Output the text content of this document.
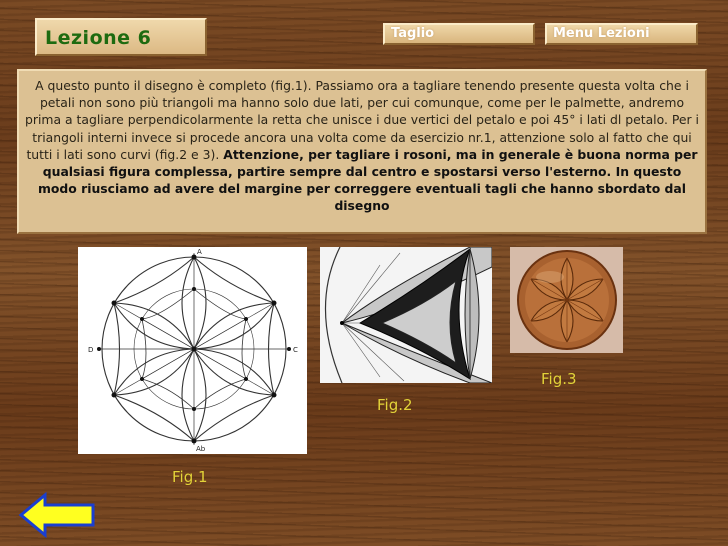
Lezione 6	Taglio	Menu Lezioni
A questo punto il disegno è completo (fig.1). Passiamo ora a tagliare tenendo presente questa volta che i petali non sono più triangoli ma hanno solo due lati, per cui comunque, come per le palmette, andremo prima a tagliare perpendicolarmente la retta che unisce i due vertici del petalo e poi 45° i lati dl petalo. Per i triangoli interni invece si procede ancora una volta come da esercizio nr.1, attenzione solo al fatto che qui tutti i lati sono curvi (fig.2 e 3). Attenzione, per tagliare i rosoni, ma in generale è buona norma per qualsiasi figura complessa, partire sempre dal centro e spostarsi verso l'esterno. In questo modo riusciamo ad avere del margine per correggere eventuali tagli che hanno sbordato dal disegno
A
D	C
Ab
Fig.1
Fig.2
Fig.3
